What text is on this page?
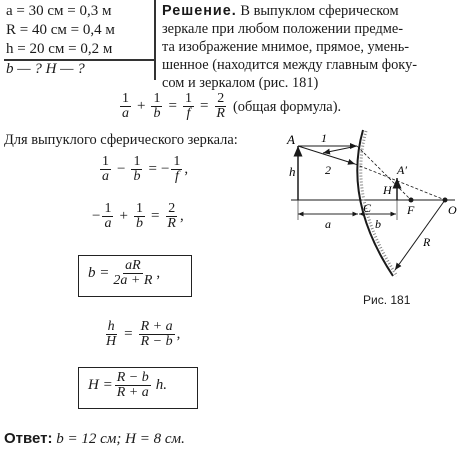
a = 30 см = 0,3 м
R = 40 см = 0,4 м
h = 20 см = 0,2 м
b — ? H — ?
Решение. В выпуклом сферическом
зеркале при любом положении предме-
та изображение мнимое, прямое, умень-
шенное (находится между главным фоку-
сом и зеркалом (рис. 181)
$\frac{1}{a} + \frac{1}{b} = \frac{1}{f} = \frac{2}{R}$ (общая формула).
Для выпуклого сферического зеркала:
$\frac{1}{a} - \frac{1}{b}$ = − $\frac{1}{f}$ ,
− $\frac{1}{a} + \frac{1}{b} = \frac{2}{R}$ ,
$b = \frac{aR}{2a + R}$ ,
$\frac{h}{H} = \frac{R + a}{R - b}$ ,
$H = \frac{R - b}{R + a} h$.
Ответ: b = 12 см; H = 8 см.
A
A′
1
2
h
H
C	F	O
a	b
R
Рис. 181
